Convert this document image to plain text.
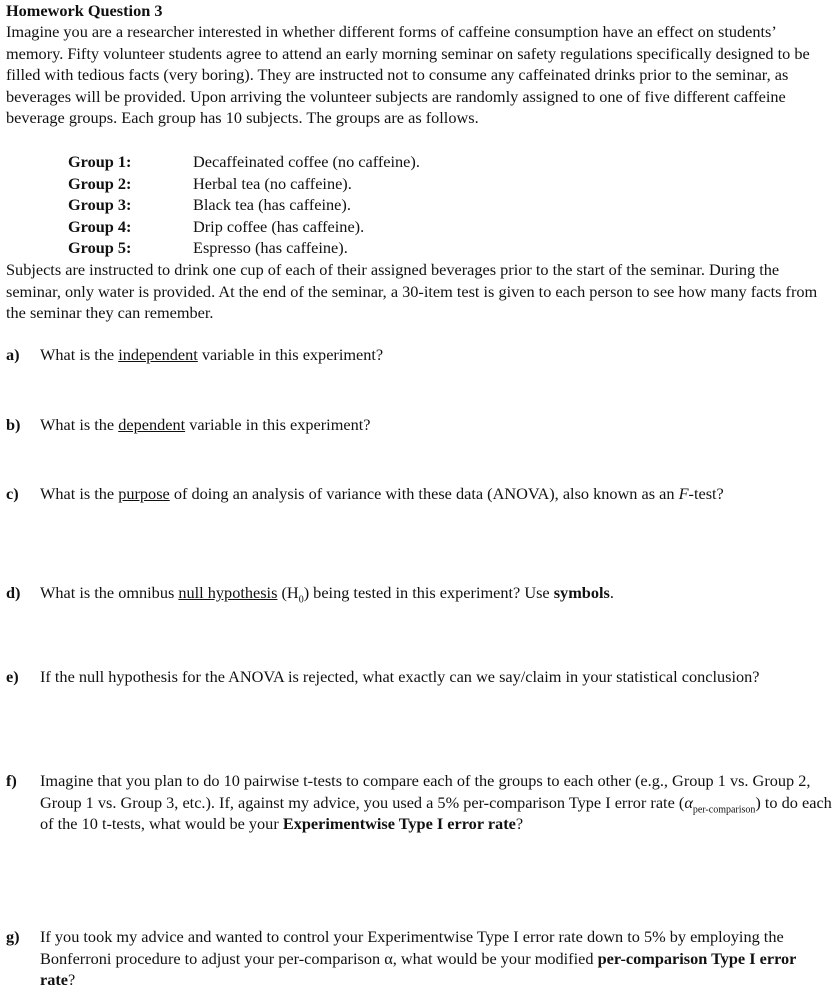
Homework Question 3
Imagine you are a researcher interested in whether different forms of caffeine consumption have an effect on students’ memory. Fifty volunteer students agree to attend an early morning seminar on safety regulations specifically designed to be filled with tedious facts (very boring). They are instructed not to consume any caffeinated drinks prior to the seminar, as beverages will be provided. Upon arriving the volunteer subjects are randomly assigned to one of five different caffeine beverage groups. Each group has 10 subjects. The groups are as follows.
Group 1:	Decaffeinated coffee (no caffeine).
Group 2:	Herbal tea (no caffeine).
Group 3:	Black tea (has caffeine).
Group 4:	Drip coffee (has caffeine).
Group 5:	Espresso (has caffeine).
Subjects are instructed to drink one cup of each of their assigned beverages prior to the start of the seminar. During the seminar, only water is provided. At the end of the seminar, a 30-item test is given to each person to see how many facts from the seminar they can remember.
a)	What is the independent variable in this experiment?
b)	What is the dependent variable in this experiment?
c)	What is the purpose of doing an analysis of variance with these data (ANOVA), also known as an F-test?
d)	What is the omnibus null hypothesis $(H_0)$ being tested in this experiment? Use symbols.
e)	If the null hypothesis for the ANOVA is rejected, what exactly can we say/claim in your statistical conclusion?
f)	Imagine that you plan to do 10 pairwise t-tests to compare each of the groups to each other (e.g., Group 1 vs. Group 2, Group 1 vs. Group 3, etc.). If, against my advice, you used a 5% per-comparison Type I error rate $(\alpha_{per-comparison})$ to do each of the 10 t-tests, what would be your Experimentwise Type I error rate?
g)	If you took my advice and wanted to control your Experimentwise Type I error rate down to 5% by employing the Bonferroni procedure to adjust your per-comparison α, what would be your modified per-comparison Type I error rate?
